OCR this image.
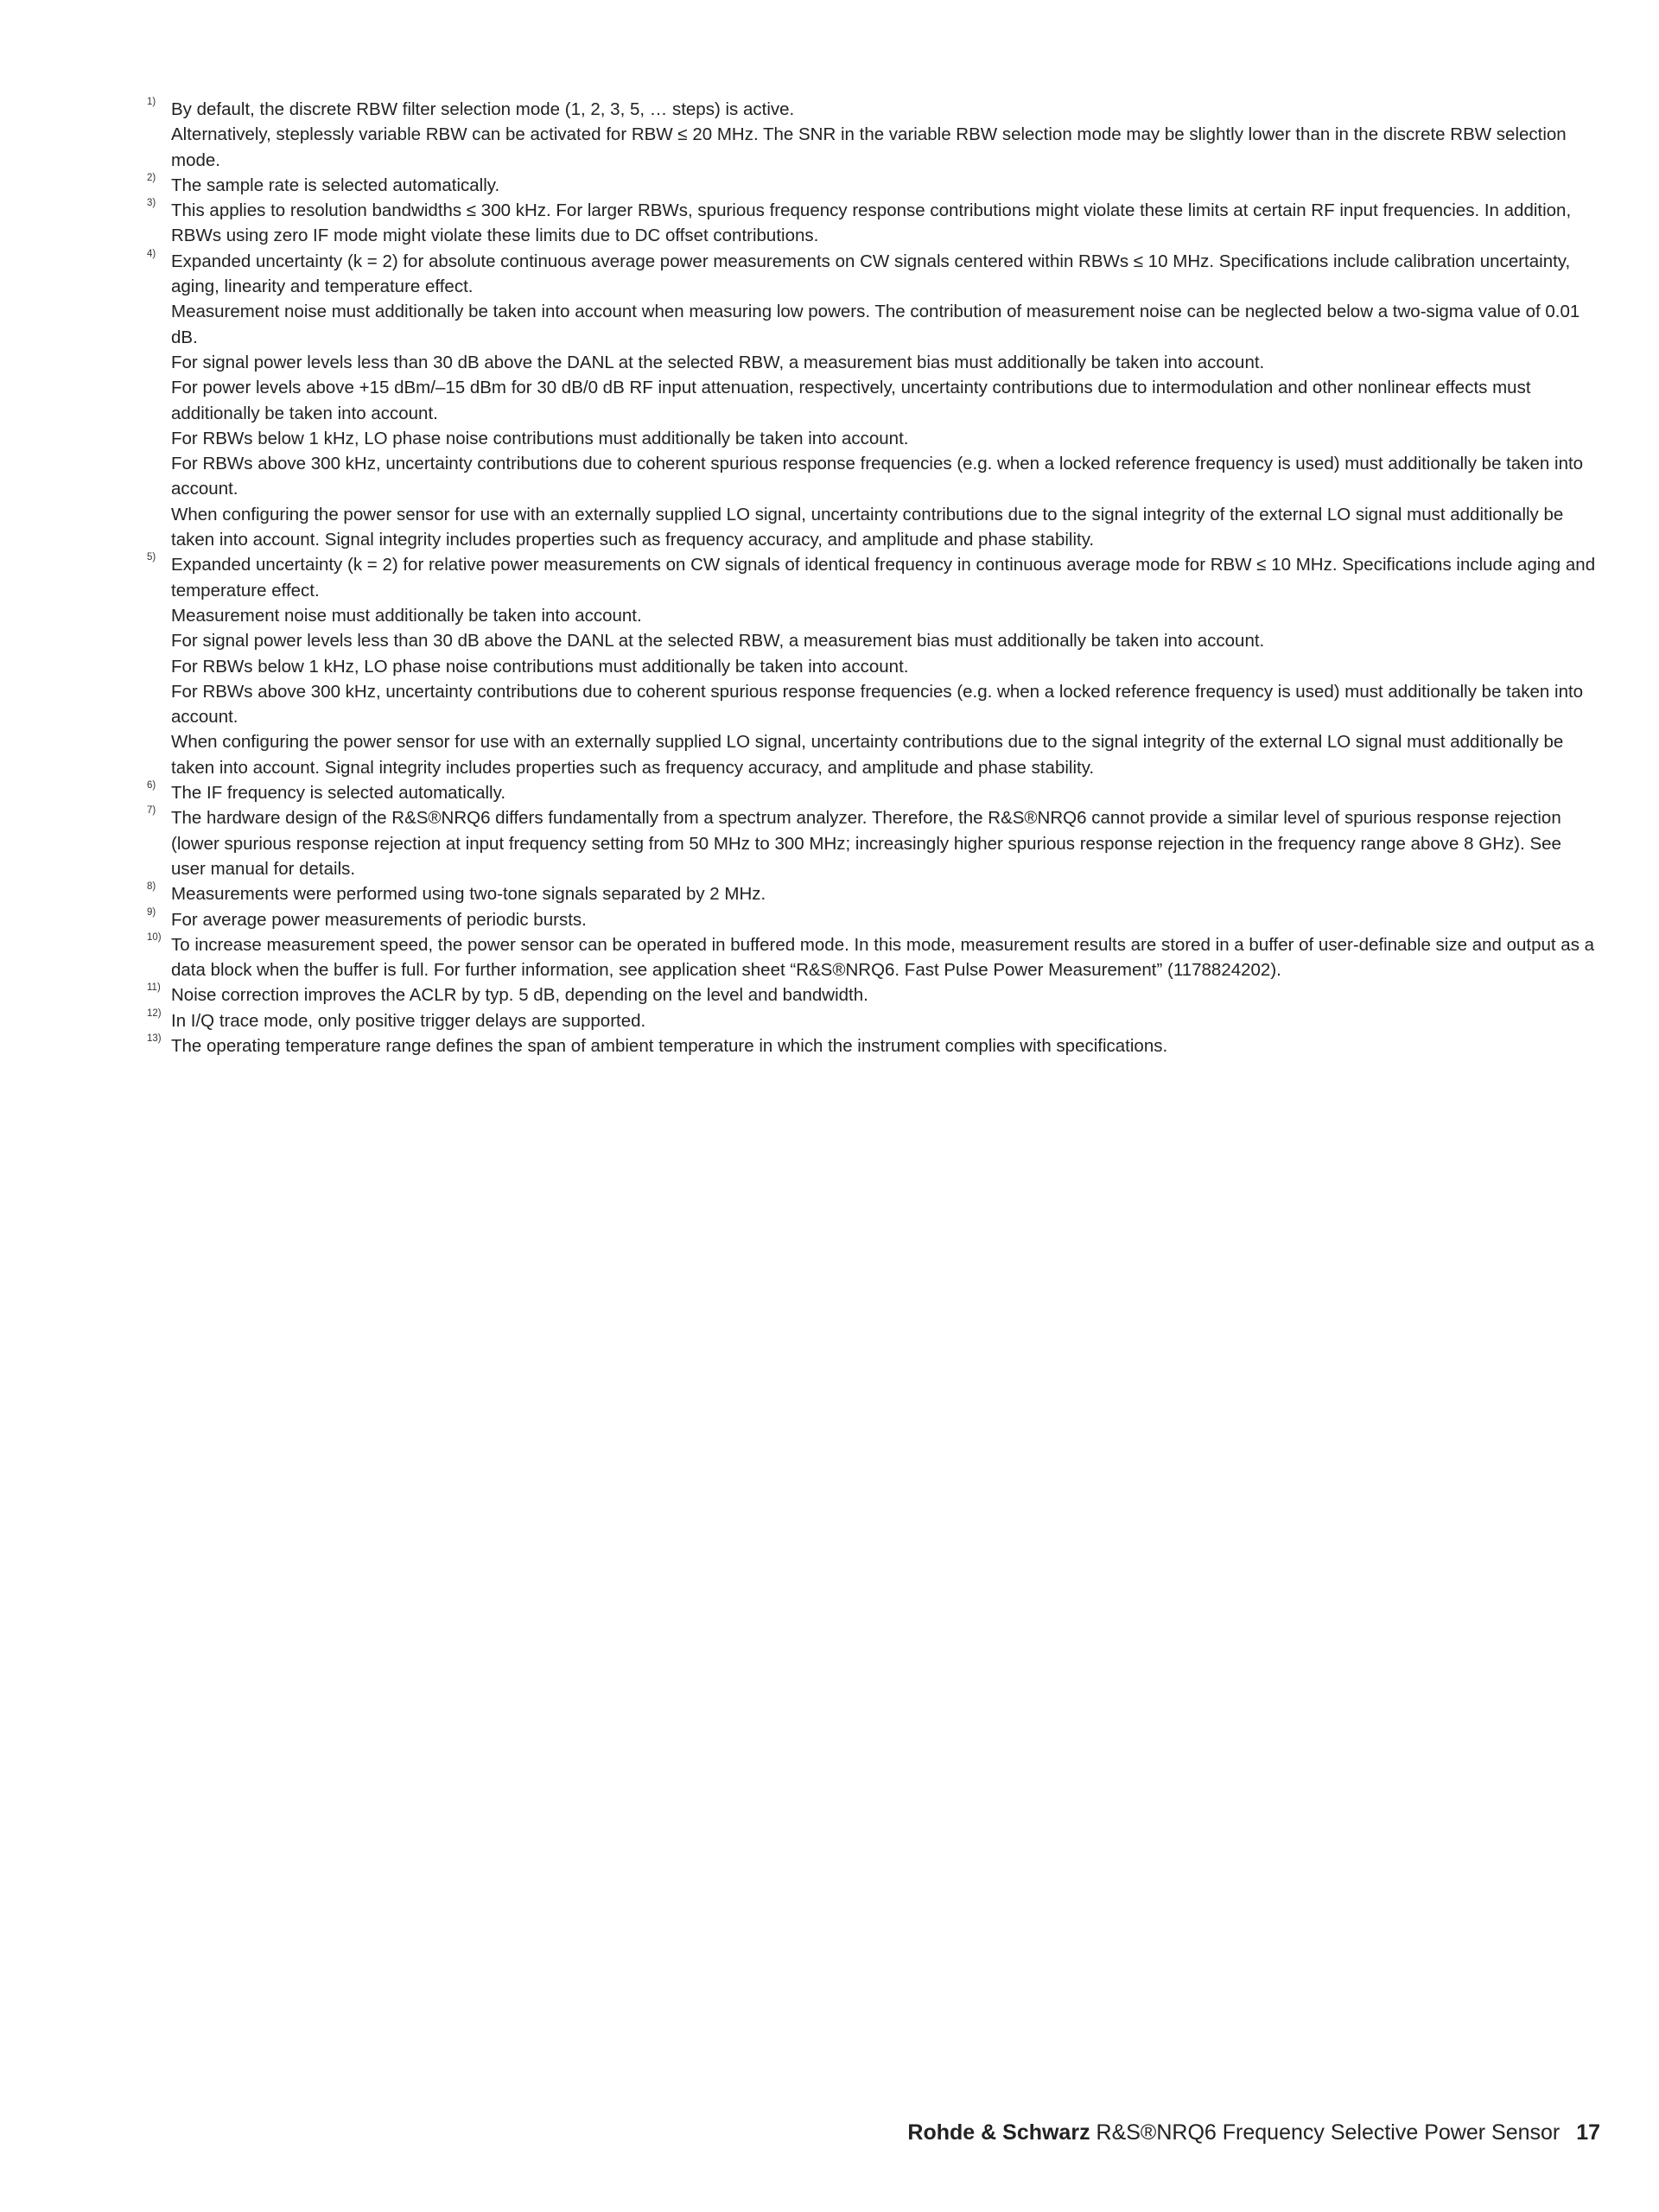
1) By default, the discrete RBW filter selection mode (1, 2, 3, 5, … steps) is active.
Alternatively, steplessly variable RBW can be activated for RBW ≤ 20 MHz. The SNR in the variable RBW selection mode may be slightly lower than in the discrete RBW selection mode.
2) The sample rate is selected automatically.
3) This applies to resolution bandwidths ≤ 300 kHz. For larger RBWs, spurious frequency response contributions might violate these limits at certain RF input frequencies. In addition, RBWs using zero IF mode might violate these limits due to DC offset contributions.
4) Expanded uncertainty (k = 2) for absolute continuous average power measurements on CW signals centered within RBWs ≤ 10 MHz. Specifications include calibration uncertainty, aging, linearity and temperature effect.
Measurement noise must additionally be taken into account when measuring low powers. The contribution of measurement noise can be neglected below a two-sigma value of 0.01 dB.
For signal power levels less than 30 dB above the DANL at the selected RBW, a measurement bias must additionally be taken into account.
For power levels above +15 dBm/–15 dBm for 30 dB/0 dB RF input attenuation, respectively, uncertainty contributions due to intermodulation and other nonlinear effects must additionally be taken into account.
For RBWs below 1 kHz, LO phase noise contributions must additionally be taken into account.
For RBWs above 300 kHz, uncertainty contributions due to coherent spurious response frequencies (e.g. when a locked reference frequency is used) must additionally be taken into account.
When configuring the power sensor for use with an externally supplied LO signal, uncertainty contributions due to the signal integrity of the external LO signal must additionally be taken into account. Signal integrity includes properties such as frequency accuracy, and amplitude and phase stability.
5) Expanded uncertainty (k = 2) for relative power measurements on CW signals of identical frequency in continuous average mode for RBW ≤ 10 MHz. Specifications include aging and temperature effect.
Measurement noise must additionally be taken into account.
For signal power levels less than 30 dB above the DANL at the selected RBW, a measurement bias must additionally be taken into account.
For RBWs below 1 kHz, LO phase noise contributions must additionally be taken into account.
For RBWs above 300 kHz, uncertainty contributions due to coherent spurious response frequencies (e.g. when a locked reference frequency is used) must additionally be taken into account.
When configuring the power sensor for use with an externally supplied LO signal, uncertainty contributions due to the signal integrity of the external LO signal must additionally be taken into account. Signal integrity includes properties such as frequency accuracy, and amplitude and phase stability.
6) The IF frequency is selected automatically.
7) The hardware design of the R&S®NRQ6 differs fundamentally from a spectrum analyzer. Therefore, the R&S®NRQ6 cannot provide a similar level of spurious response rejection (lower spurious response rejection at input frequency setting from 50 MHz to 300 MHz; increasingly higher spurious response rejection in the frequency range above 8 GHz). See user manual for details.
8) Measurements were performed using two-tone signals separated by 2 MHz.
9) For average power measurements of periodic bursts.
10) To increase measurement speed, the power sensor can be operated in buffered mode. In this mode, measurement results are stored in a buffer of user-definable size and output as a data block when the buffer is full. For further information, see application sheet “R&S®NRQ6. Fast Pulse Power Measurement” (1178824202).
11) Noise correction improves the ACLR by typ. 5 dB, depending on the level and bandwidth.
12) In I/Q trace mode, only positive trigger delays are supported.
13) The operating temperature range defines the span of ambient temperature in which the instrument complies with specifications.
Rohde & Schwarz R&S®NRQ6 Frequency Selective Power Sensor 17
